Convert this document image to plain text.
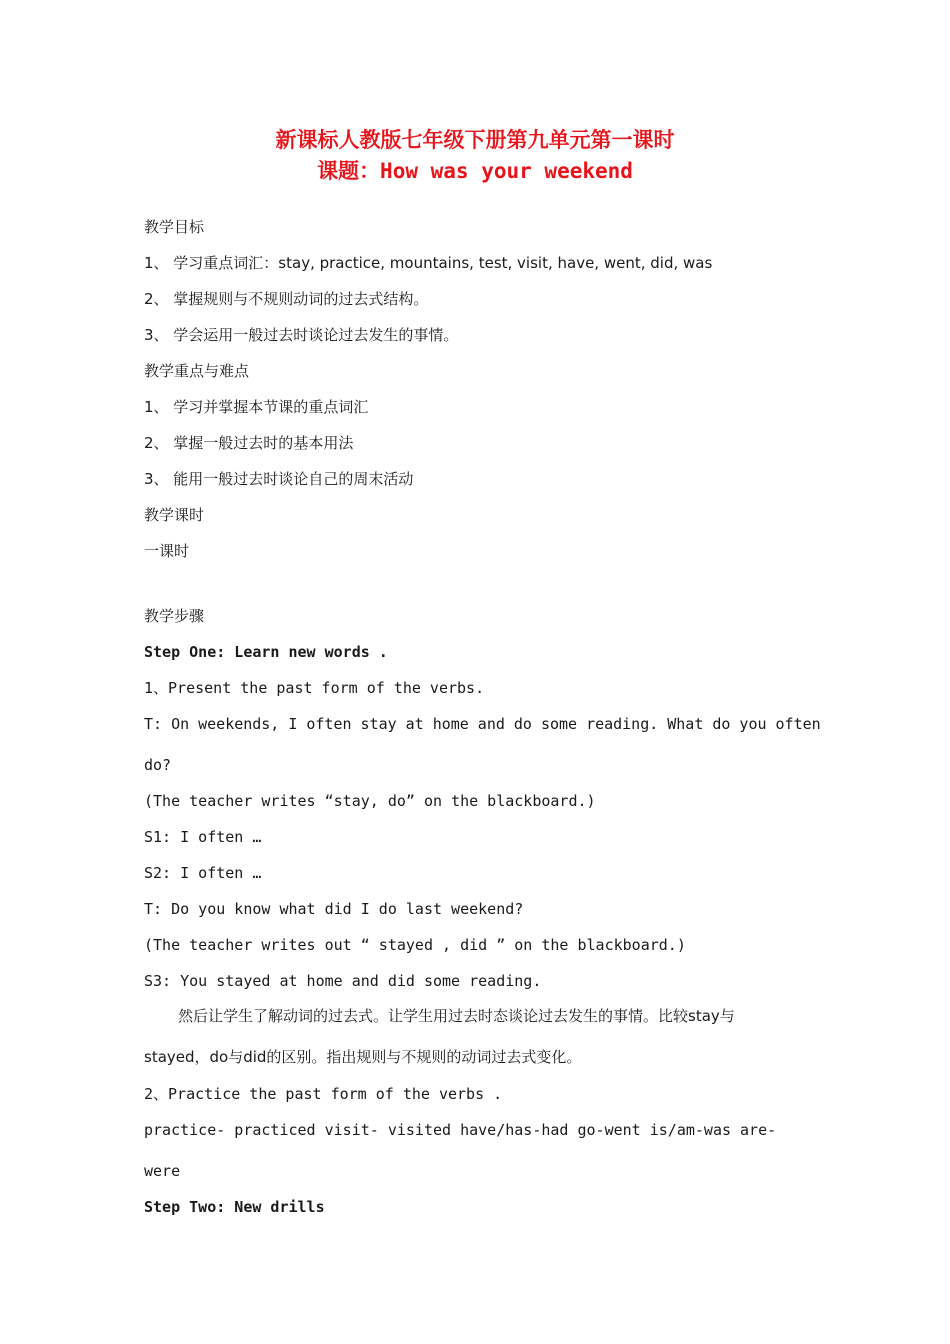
新课标人教版七年级下册第九单元第一课时
课题：How was your weekend
教学目标
1、 学习重点词汇：stay, practice, mountains, test, visit, have, went, did, was
2、 掌握规则与不规则动词的过去式结构。
3、 学会运用一般过去时谈论过去发生的事情。
教学重点与难点
1、 学习并掌握本节课的重点词汇
2、 掌握一般过去时的基本用法
3、 能用一般过去时谈论自己的周末活动
教学课时
一课时
教学步骤
Step One: Learn new words .
1、Present the past form of the verbs.
T: On weekends, I often stay at home and do some reading. What do you often
do?
(The teacher writes “stay, do” on the blackboard.)
S1: I often …
S2: I often …
T: Do you know what did I do last weekend?
(The teacher writes out “ stayed , did ” on the blackboard.)
S3: You stayed at home and did some reading.
然后让学生了解动词的过去式。让学生用过去时态谈论过去发生的事情。比较stay与
stayed，do与did的区别。指出规则与不规则的动词过去式变化。
2、Practice the past form of the verbs .
practice- practiced visit- visited have/has-had go-went is/am-was are-
were
Step Two: New drills
